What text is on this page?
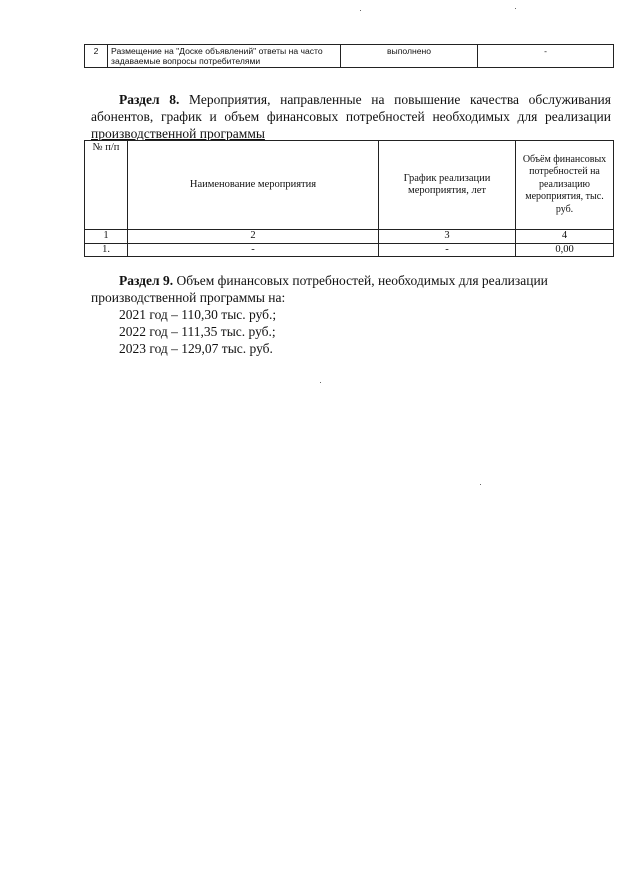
2	Размещение на "Доске объявлений" ответы на часто задаваемые вопросы потребителями	выполнено	-
Раздел 8. Мероприятия, направленные на повышение качества обслуживания абонентов, график и объем финансовых потребностей необходимых для реализации производственной программы
№ п/п	Наименование мероприятия	График реализации мероприятия, лет	Объём финансовых потребностей на реализацию мероприятия, тыс. руб.
1	2	3	4
1.	-	-	0,00
Раздел 9. Объем финансовых потребностей, необходимых для реализации производственной программы на:
2021 год – 110,30 тыс. руб.;
2022 год – 111,35 тыс. руб.;
2023 год – 129,07 тыс. руб.
